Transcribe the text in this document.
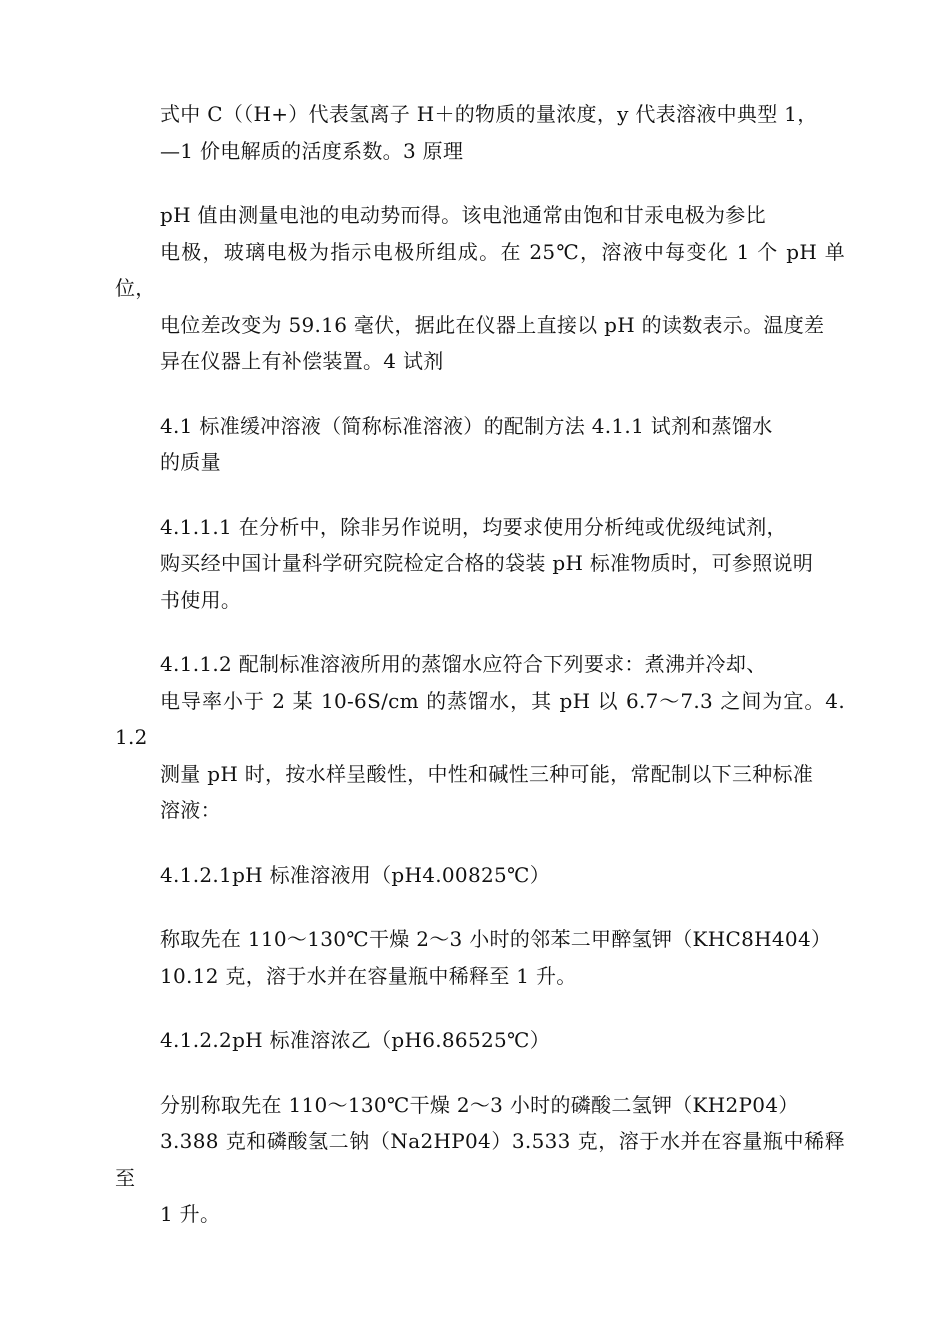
式中 C（（H+）代表氢离子 H＋的物质的量浓度，y 代表溶液中典型 1，
—1 价电解质的活度系数。3 原理

pH 值由测量电池的电动势而得。该电池通常由饱和甘汞电极为参比
电极，玻璃电极为指示电极所组成。在 25℃，溶液中每变化 1 个 pH 单位，
电位差改变为 59.16 毫伏，据此在仪器上直接以 pH 的读数表示。温度差
异在仪器上有补偿装置。4 试剂

4.1 标准缓冲溶液（简称标准溶液）的配制方法 4.1.1 试剂和蒸馏水
的质量

4.1.1.1 在分析中，除非另作说明，均要求使用分析纯或优级纯试剂，
购买经中国计量科学研究院检定合格的袋装 pH 标准物质时，可参照说明
书使用。

4.1.1.2 配制标准溶液所用的蒸馏水应符合下列要求：煮沸并冷却、
电导率小于 2 某 10-6S/cm 的蒸馏水，其 pH 以 6.7～7.3 之间为宜。4.1.2
测量 pH 时，按水样呈酸性，中性和碱性三种可能，常配制以下三种标准
溶液：

4.1.2.1pH 标准溶液用（pH4.00825℃）

称取先在 110～130℃干燥 2～3 小时的邻苯二甲醉氢钾（KHC8H404）
10.12 克，溶于水并在容量瓶中稀释至 1 升。

4.1.2.2pH 标准溶浓乙（pH6.86525℃）

分别称取先在 110～130℃干燥 2～3 小时的磷酸二氢钾（KH2P04）
3.388 克和磷酸氢二钠（Na2HP04）3.533 克，溶于水并在容量瓶中稀释至
1 升。
